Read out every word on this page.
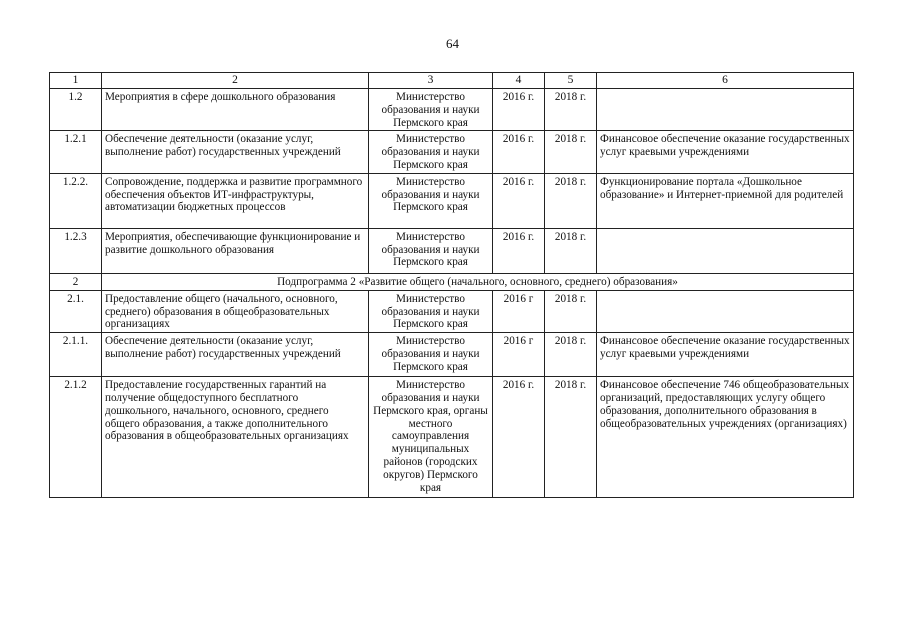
64
1	2	3	4	5	6
1.2	Мероприятия в сфере дошкольного образования	Министерство образования и науки Пермского края	2016 г.	2018 г.	
1.2.1	Обеспечение деятельности (оказание услуг, выполнение работ) государственных учреждений	Министерство образования и науки Пермского края	2016 г.	2018 г.	Финансовое обеспечение оказание государственных услуг краевыми учреждениями
1.2.2.	Сопровождение, поддержка и развитие программного обеспечения объектов ИТ-инфраструктуры, автоматизации бюджетных процессов	Министерство образования и науки Пермского края	2016 г.	2018 г.	Функционирование портала «Дошкольное образование» и Интернет-приемной для родителей
1.2.3	Мероприятия, обеспечивающие функционирование и развитие дошкольного образования	Министерство образования и науки Пермского края	2016 г.	2018 г.	
2	Подпрограмма 2 «Развитие общего (начального, основного, среднего) образования»				
2.1.	Предоставление общего (начального, основного, среднего) образования в общеобразовательных организациях	Министерство образования и науки Пермского края	2016 г	2018 г.	
2.1.1.	Обеспечение деятельности (оказание услуг, выполнение работ) государственных учреждений	Министерство образования и науки Пермского края	2016 г	2018 г.	Финансовое обеспечение оказание государственных услуг краевыми учреждениями
2.1.2	Предоставление государственных гарантий на получение общедоступного бесплатного дошкольного, начального, основного, среднего общего образования, а также дополнительного образования в общеобразовательных организациях	Министерство образования и науки Пермского края, органы местного самоуправления муниципальных районов (городских округов) Пермского края	2016 г.	2018 г.	Финансовое обеспечение 746 общеобразовательных организаций, предоставляющих услугу общего образования, дополнительного образования в общеобразовательных учреждениях (организациях)
